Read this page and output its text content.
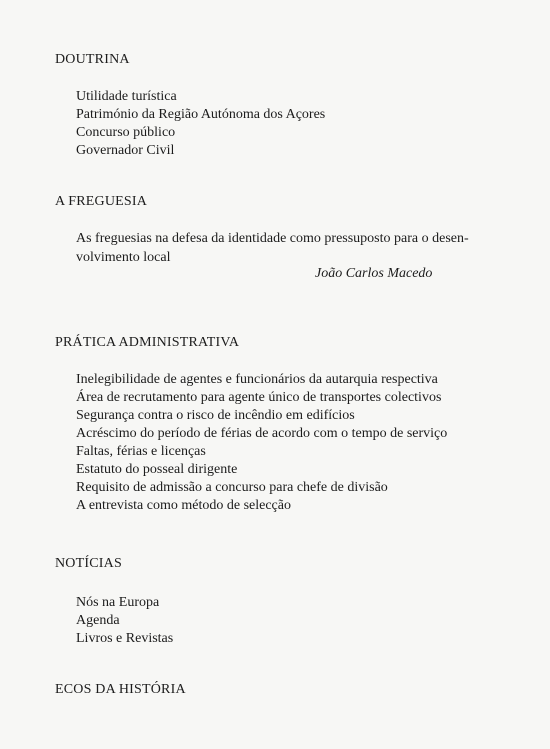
DOUTRINA
Utilidade turística
Património da Região Autónoma dos Açores
Concurso público
Governador Civil
A FREGUESIA
As freguesias na defesa da identidade como pressuposto para o desen-
volvimento local
João Carlos Macedo
PRÁTICA ADMINISTRATIVA
Inelegibilidade de agentes e funcionários da autarquia respectiva
Área de recrutamento para agente único de transportes colectivos
Segurança contra o risco de incêndio em edifícios
Acréscimo do período de férias de acordo com o tempo de serviço
Faltas, férias e licenças
Estatuto do posseal dirigente
Requisito de admissão a concurso para chefe de divisão
A entrevista como método de selecção
NOTÍCIAS
Nós na Europa
Agenda
Livros e Revistas
ECOS DA HISTÓRIA
